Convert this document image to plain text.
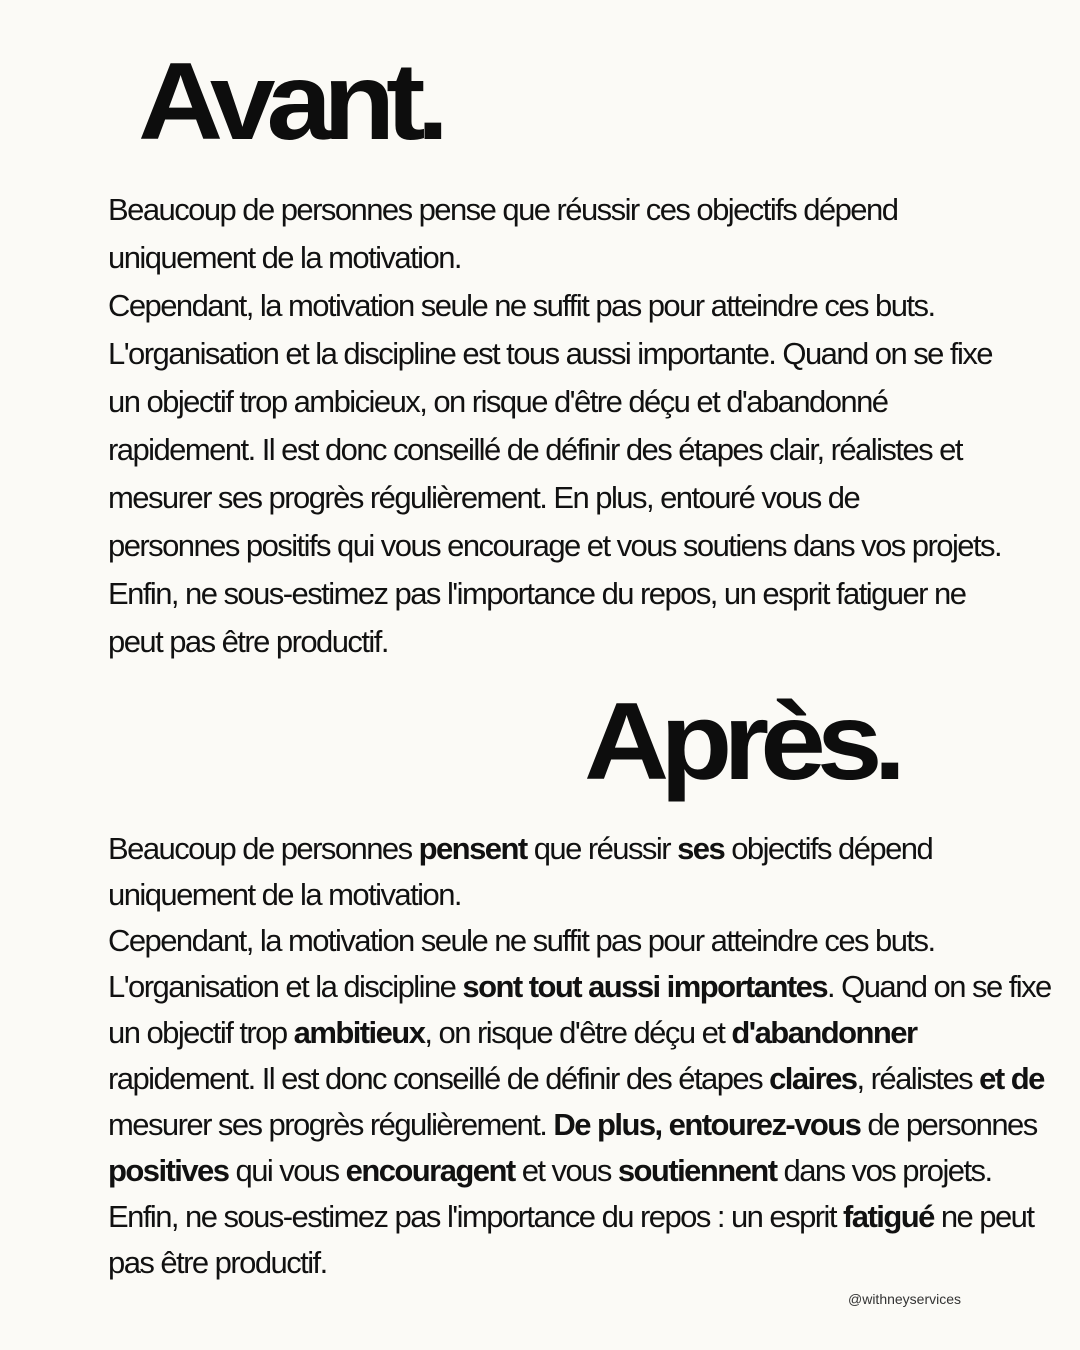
Avant.
Beaucoup de personnes pense que réussir ces objectifs dépend
uniquement de la motivation.
Cependant, la motivation seule ne suffit pas pour atteindre ces buts.
L'organisation et la discipline est tous aussi importante. Quand on se fixe
un objectif trop ambicieux, on risque d'être déçu et d'abandonné
rapidement. Il est donc conseillé de définir des étapes clair, réalistes et
mesurer ses progrès régulièrement. En plus, entouré vous de
personnes positifs qui vous encourage et vous soutiens dans vos projets.
Enfin, ne sous-estimez pas l'importance du repos, un esprit fatiguer ne
peut pas être productif.
Après.
Beaucoup de personnes pensent que réussir ses objectifs dépend
uniquement de la motivation.
Cependant, la motivation seule ne suffit pas pour atteindre ces buts.
L'organisation et la discipline sont tout aussi importantes. Quand on se fixe
un objectif trop ambitieux, on risque d'être déçu et d'abandonner
rapidement. Il est donc conseillé de définir des étapes claires, réalistes et de
mesurer ses progrès régulièrement. De plus, entourez-vous de personnes
positives qui vous encouragent et vous soutiennent dans vos projets.
Enfin, ne sous-estimez pas l'importance du repos : un esprit fatigué ne peut
pas être productif.
@withneyservices
